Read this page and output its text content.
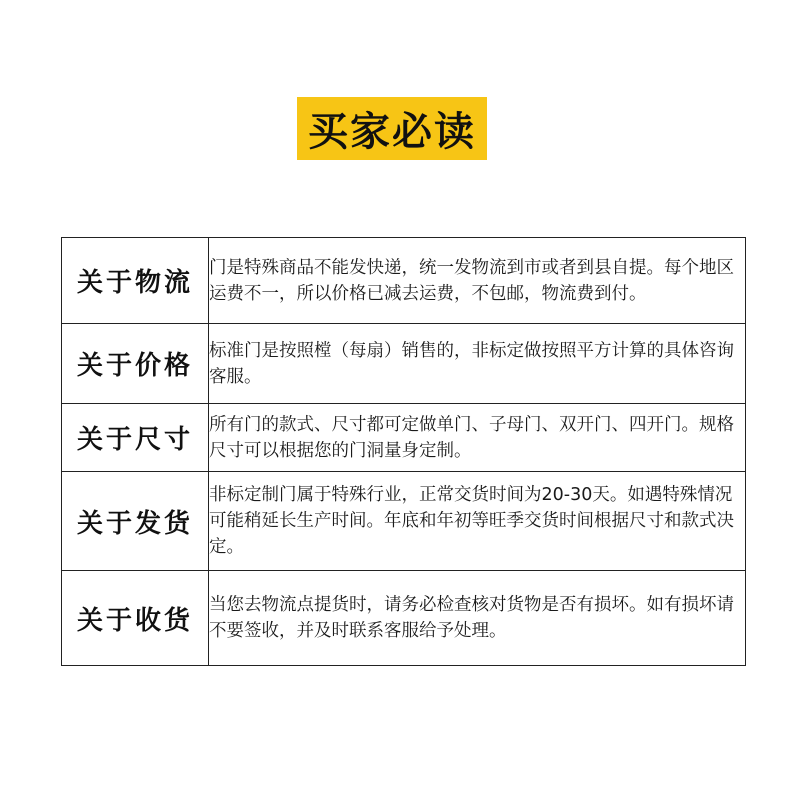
买家必读
关于物流	门是特殊商品不能发快递，统一发物流到市或者到县自提。每个地区运费不一，所以价格已减去运费，不包邮，物流费到付。
关于价格	标准门是按照樘（每扇）销售的，非标定做按照平方计算的具体咨询客服。
关于尺寸	所有门的款式、尺寸都可定做单门、子母门、双开门、四开门。规格尺寸可以根据您的门洞量身定制。
关于发货	非标定制门属于特殊行业，正常交货时间为20-30天。如遇特殊情况可能稍延长生产时间。年底和年初等旺季交货时间根据尺寸和款式决定。
关于收货	当您去物流点提货时，请务必检查核对货物是否有损坏。如有损坏请不要签收，并及时联系客服给予处理。
